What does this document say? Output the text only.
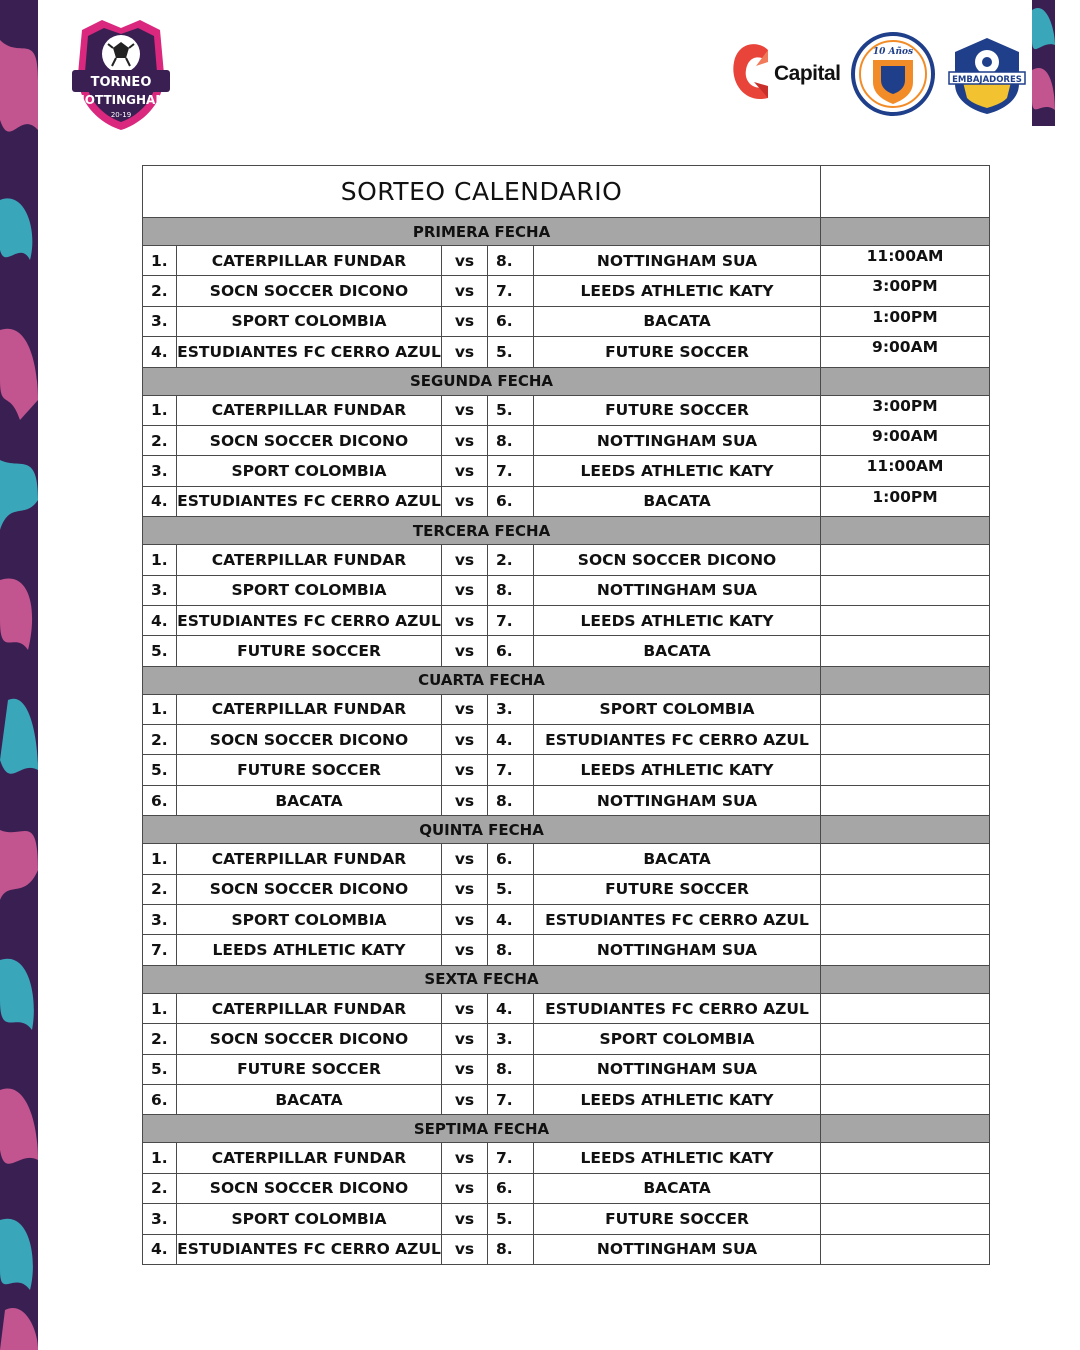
TORNEO
NOTTINGHAM
20-19
Capital
10 Años
EMBAJADORES
SORTEO CALENDARIO					
PRIMERA FECHA					
1.	CATERPILLAR FUNDAR	vs	8.	NOTTINGHAM SUA	11:00AM
2.	SOCN SOCCER DICONO	vs	7.	LEEDS ATHLETIC KATY	3:00PM
3.	SPORT COLOMBIA	vs	6.	BACATA	1:00PM
4.	ESTUDIANTES FC CERRO AZUL	vs	5.	FUTURE SOCCER	9:00AM
SEGUNDA FECHA					
1.	CATERPILLAR FUNDAR	vs	5.	FUTURE SOCCER	3:00PM
2.	SOCN SOCCER DICONO	vs	8.	NOTTINGHAM SUA	9:00AM
3.	SPORT COLOMBIA	vs	7.	LEEDS ATHLETIC KATY	11:00AM
4.	ESTUDIANTES FC CERRO AZUL	vs	6.	BACATA	1:00PM
TERCERA FECHA					
1.	CATERPILLAR FUNDAR	vs	2.	SOCN SOCCER DICONO	
3.	SPORT COLOMBIA	vs	8.	NOTTINGHAM SUA	
4.	ESTUDIANTES FC CERRO AZUL	vs	7.	LEEDS ATHLETIC KATY	
5.	FUTURE SOCCER	vs	6.	BACATA	
CUARTA FECHA					
1.	CATERPILLAR FUNDAR	vs	3.	SPORT COLOMBIA	
2.	SOCN SOCCER DICONO	vs	4.	ESTUDIANTES FC CERRO AZUL	
5.	FUTURE SOCCER	vs	7.	LEEDS ATHLETIC KATY	
6.	BACATA	vs	8.	NOTTINGHAM SUA	
QUINTA FECHA					
1.	CATERPILLAR FUNDAR	vs	6.	BACATA	
2.	SOCN SOCCER DICONO	vs	5.	FUTURE SOCCER	
3.	SPORT COLOMBIA	vs	4.	ESTUDIANTES FC CERRO AZUL	
7.	LEEDS ATHLETIC KATY	vs	8.	NOTTINGHAM SUA	
SEXTA FECHA					
1.	CATERPILLAR FUNDAR	vs	4.	ESTUDIANTES FC CERRO AZUL	
2.	SOCN SOCCER DICONO	vs	3.	SPORT COLOMBIA	
5.	FUTURE SOCCER	vs	8.	NOTTINGHAM SUA	
6.	BACATA	vs	7.	LEEDS ATHLETIC KATY	
SEPTIMA FECHA					
1.	CATERPILLAR FUNDAR	vs	7.	LEEDS ATHLETIC KATY	
2.	SOCN SOCCER DICONO	vs	6.	BACATA	
3.	SPORT COLOMBIA	vs	5.	FUTURE SOCCER	
4.	ESTUDIANTES FC CERRO AZUL	vs	8.	NOTTINGHAM SUA	
